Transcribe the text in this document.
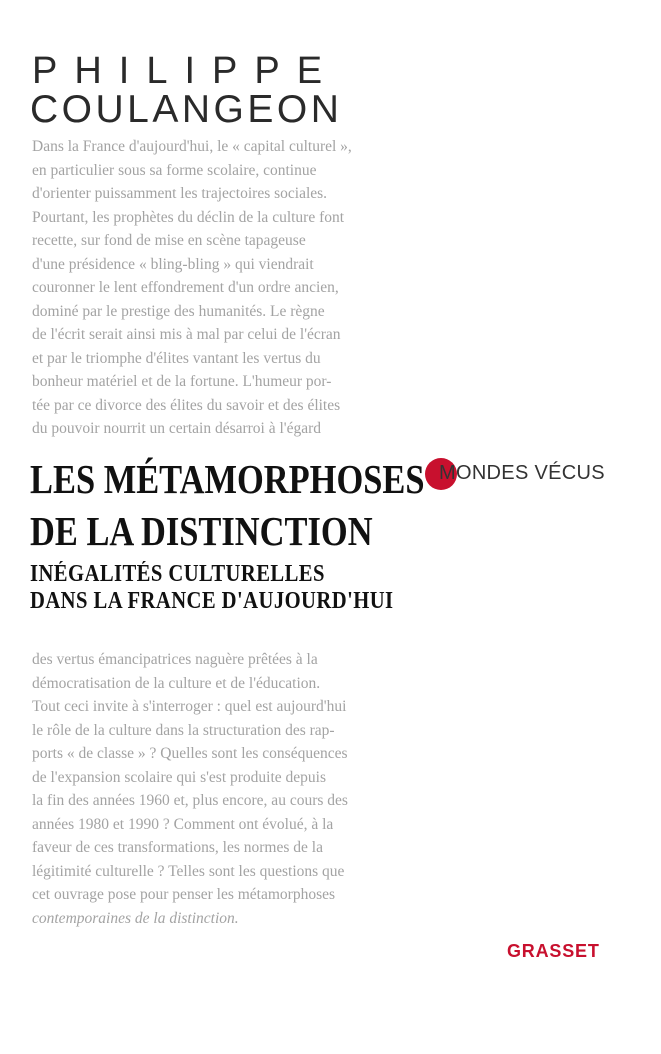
PHILIPPE
COULANGEON

Dans la France d'aujourd'hui, le « capital culturel »,

en particulier sous sa forme scolaire, continue

d'orienter puissamment les trajectoires sociales.

Pourtant, les prophètes du déclin de la culture font

recette, sur fond de mise en scène tapageuse

d'une présidence « bling-bling » qui viendrait

couronner le lent effondrement d'un ordre ancien,

dominé par le prestige des humanités. Le règne

de l'écrit serait ainsi mis à mal par celui de l'écran

et par le triomphe d'élites vantant les vertus du

bonheur matériel et de la fortune. L'humeur por-

tée par ce divorce des élites du savoir et des élites

du pouvoir nourrit un certain désarroi à l'égard

LES MÉTAMORPHOSES
DE LA DISTINCTION
INÉGALITÉS CULTURELLES
DANS LA FRANCE D'AUJOURD'HUI
MONDES VÉCUS

des vertus émancipatrices naguère prêtées à la

démocratisation de la culture et de l'éducation.

Tout ceci invite à s'interroger : quel est aujourd'hui

le rôle de la culture dans la structuration des rap-

ports « de classe » ? Quelles sont les conséquences

de l'expansion scolaire qui s'est produite depuis

la fin des années 1960 et, plus encore, au cours des

années 1980 et 1990 ? Comment ont évolué, à la

faveur de ces transformations, les normes de la

légitimité culturelle ? Telles sont les questions que

cet ouvrage pose pour penser les métamorphoses

contemporaines de la distinction.

GRASSET
